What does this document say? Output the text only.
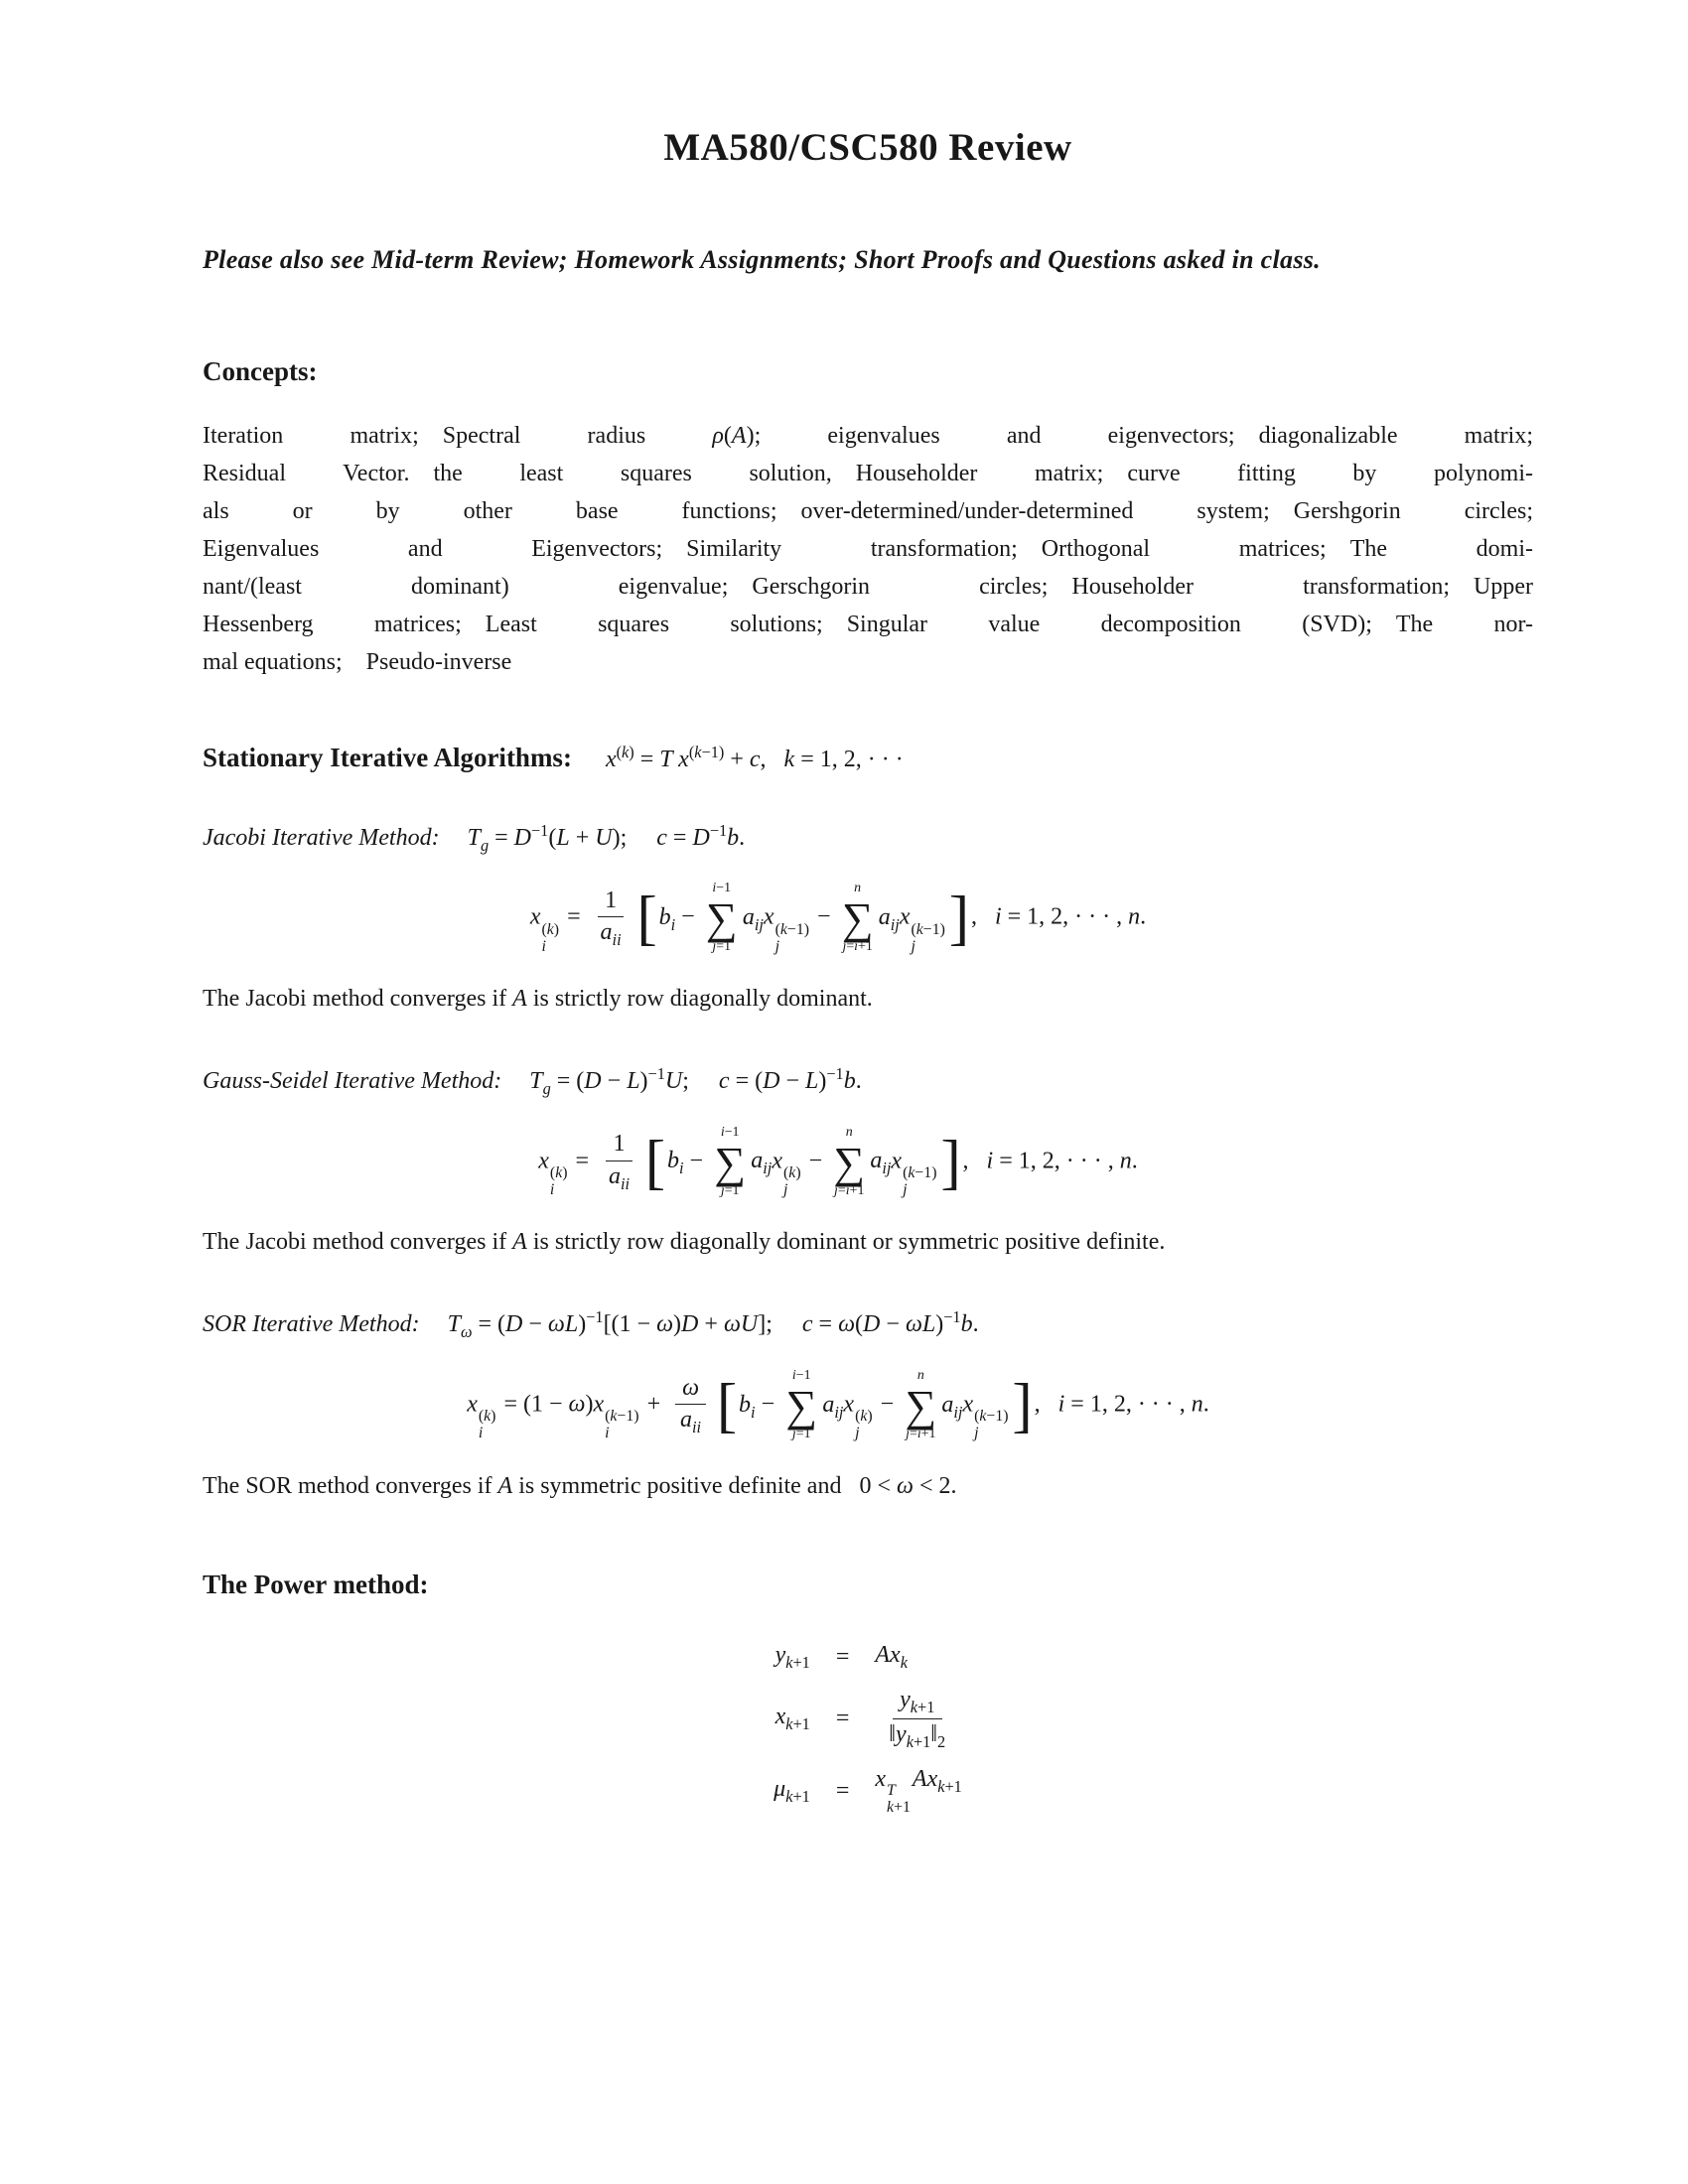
MA580/CSC580 Review
Please also see Mid-term Review; Homework Assignments; Short Proofs and Questions asked in class.
Concepts:
Iteration matrix; Spectral radius ρ(A); eigenvalues and eigenvectors; diagonalizable matrix;
Residual Vector. the least squares solution, Householder matrix; curve fitting by polynomi-
als or by other base functions; over-determined/under-determined system; Gershgorin circles;
Eigenvalues and Eigenvectors; Similarity transformation; Orthogonal matrices; The domi-
nant/(least dominant) eigenvalue; Gerschgorin circles; Householder transformation; Upper
Hessenberg matrices; Least squares solutions; Singular value decomposition (SVD); The nor-
mal equations; Pseudo-inverse
Stationary Iterative Algorithms: $x^{(k)} = T$ $x^{(k-1)} + c$,  k = 1, 2, · · ·
Jacobi Iterative Method: $T_g = D^{-1}(L + U)$;  $c = D^{-1}b$.
x (k)
i
= $\frac{1}{a_{ii}} [b_i$ −
i−1
∑
j=1
$a_{ij}x$ (k−1)
j
−
n
∑
j=i+1
$a_{ij}x$ (k−1)
j ],  i = 1, 2, · · · , n.
The Jacobi method converges if A is strictly row diagonally dominant.
Gauss-Seidel Iterative Method: $T_g = (D - L)^{-1}U$;  $c = (D - L)^{-1}b$.
x (k)
i
= $\frac{1}{a_{ii}} [b_i$ −
i−1
∑
j=1
$a_{ij}x$ (k)
j
−
n
∑
j=i+1
$a_{ij}x$ (k−1)
j ],  i = 1, 2, · · · , n.
The Jacobi method converges if A is strictly row diagonally dominant or symmetric positive definite.
SOR Iterative Method: $T_\omega = (D - \omega L)^{-1}[(1 - \omega)D + \omega U]$;  $c = \omega(D - \omega L)^{-1}b$.
x (k)
i
= (1 − ω)x (k−1)
i
+ $\frac{\omega}{a_{ii}} [b_i$ −
i−1
∑
j=1
$a_{ij}x$ (k)
j
−
n
∑
j=i+1
$a_{ij}x$ (k−1)
j ],  i = 1, 2, · · · , n.
The SOR method converges if A is symmetric positive definite and  0 < ω < 2.
The Power method:
$y_{k+1} = Ax_k$
$x_{k+1} = \frac{y_{k+1}}{‖y_{k+1}‖_2}$
$\mu_{k+1} = x$ T
k+1
$Ax_{k+1}$
